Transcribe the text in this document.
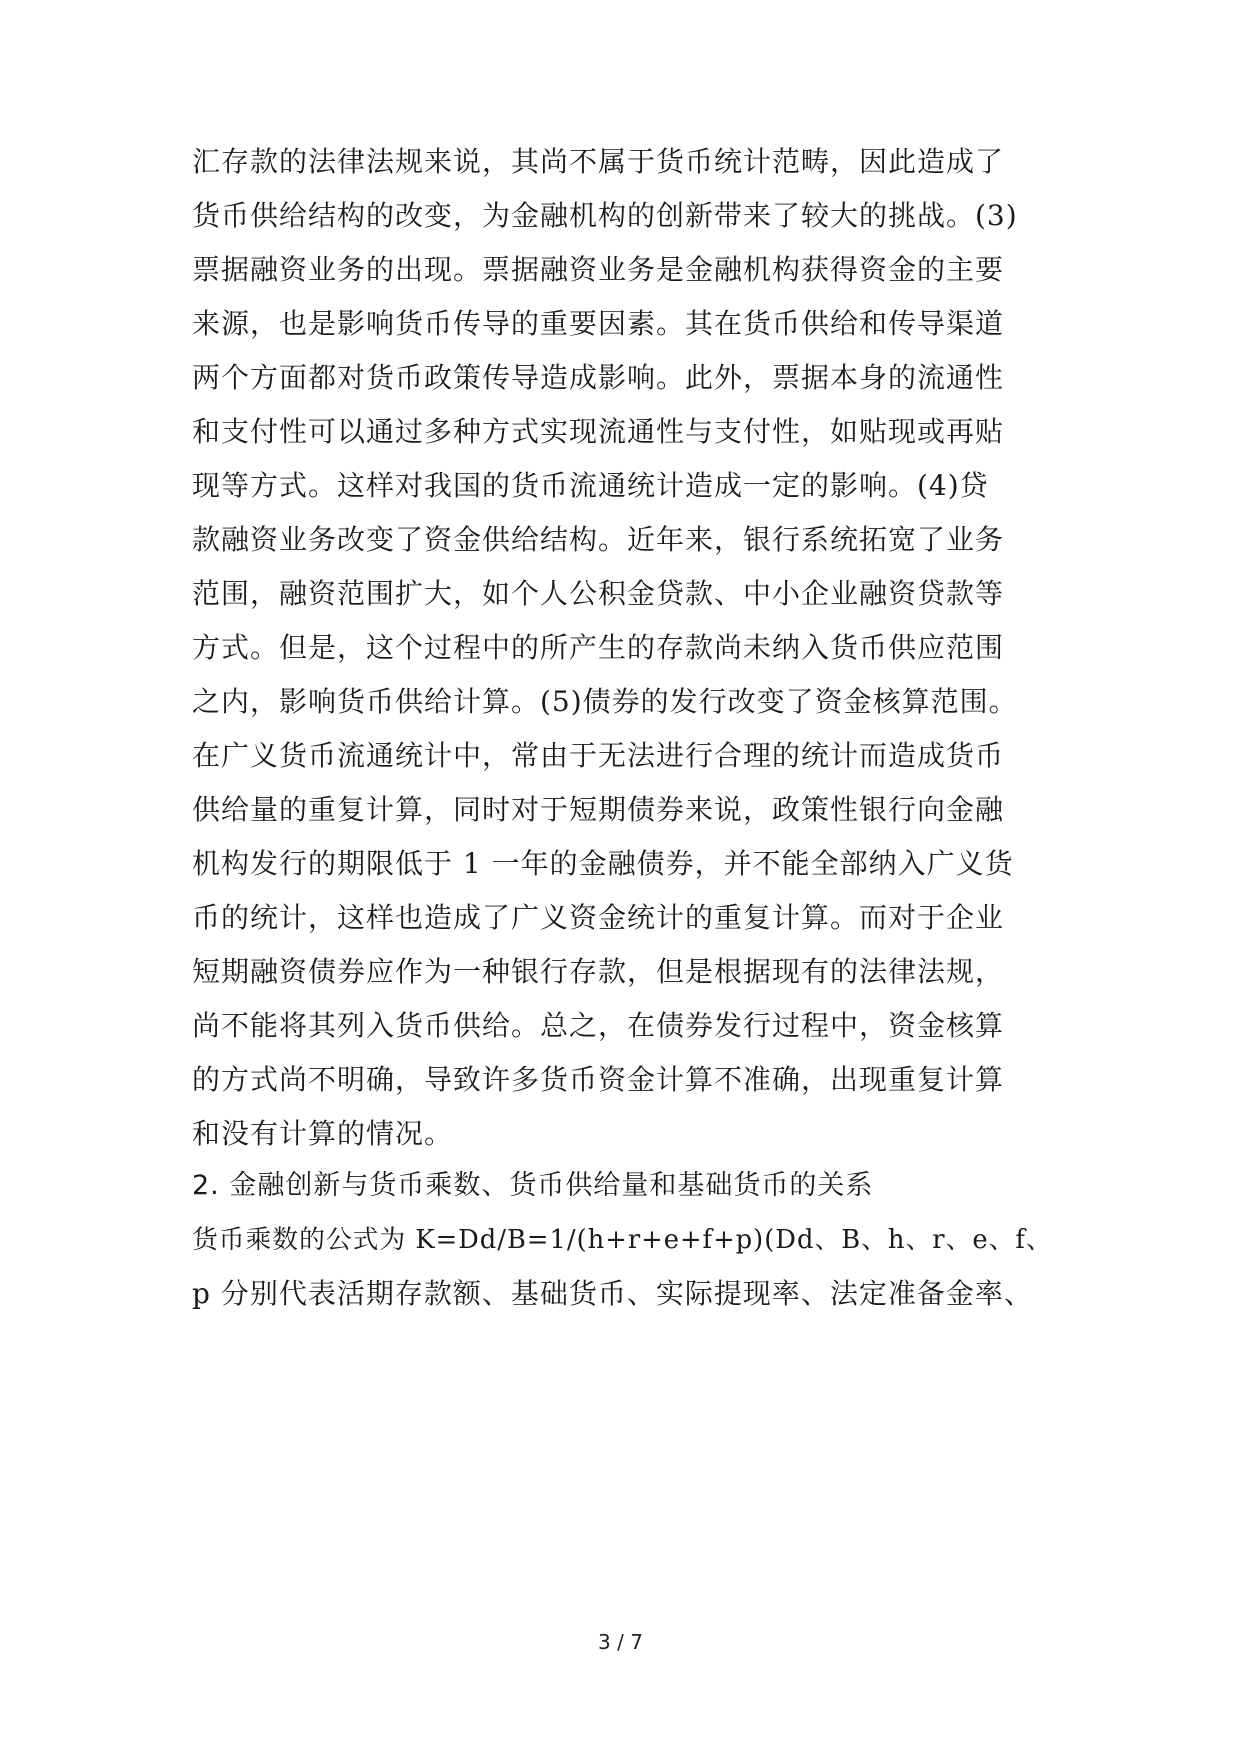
汇存款的法律法规来说，其尚不属于货币统计范畴，因此造成了
货币供给结构的改变，为金融机构的创新带来了较大的挑战。(3)
票据融资业务的出现。票据融资业务是金融机构获得资金的主要
来源，也是影响货币传导的重要因素。其在货币供给和传导渠道
两个方面都对货币政策传导造成影响。此外，票据本身的流通性
和支付性可以通过多种方式实现流通性与支付性，如贴现或再贴
现等方式。这样对我国的货币流通统计造成一定的影响。(4)贷
款融资业务改变了资金供给结构。近年来，银行系统拓宽了业务
范围，融资范围扩大，如个人公积金贷款、中小企业融资贷款等
方式。但是，这个过程中的所产生的存款尚未纳入货币供应范围
之内，影响货币供给计算。(5)债券的发行改变了资金核算范围。
在广义货币流通统计中，常由于无法进行合理的统计而造成货币
供给量的重复计算，同时对于短期债券来说，政策性银行向金融
机构发行的期限低于 1 一年的金融债券，并不能全部纳入广义货
币的统计，这样也造成了广义资金统计的重复计算。而对于企业
短期融资债券应作为一种银行存款，但是根据现有的法律法规，
尚不能将其列入货币供给。总之，在债券发行过程中，资金核算
的方式尚不明确，导致许多货币资金计算不准确，出现重复计算
和没有计算的情况。
2. 金融创新与货币乘数、货币供给量和基础货币的关系
货币乘数的公式为 K=Dd/B=1/(h+r+e+f+p)(Dd、B、h、r、e、f、
p 分别代表活期存款额、基础货币、实际提现率、法定准备金率、
3 / 7
